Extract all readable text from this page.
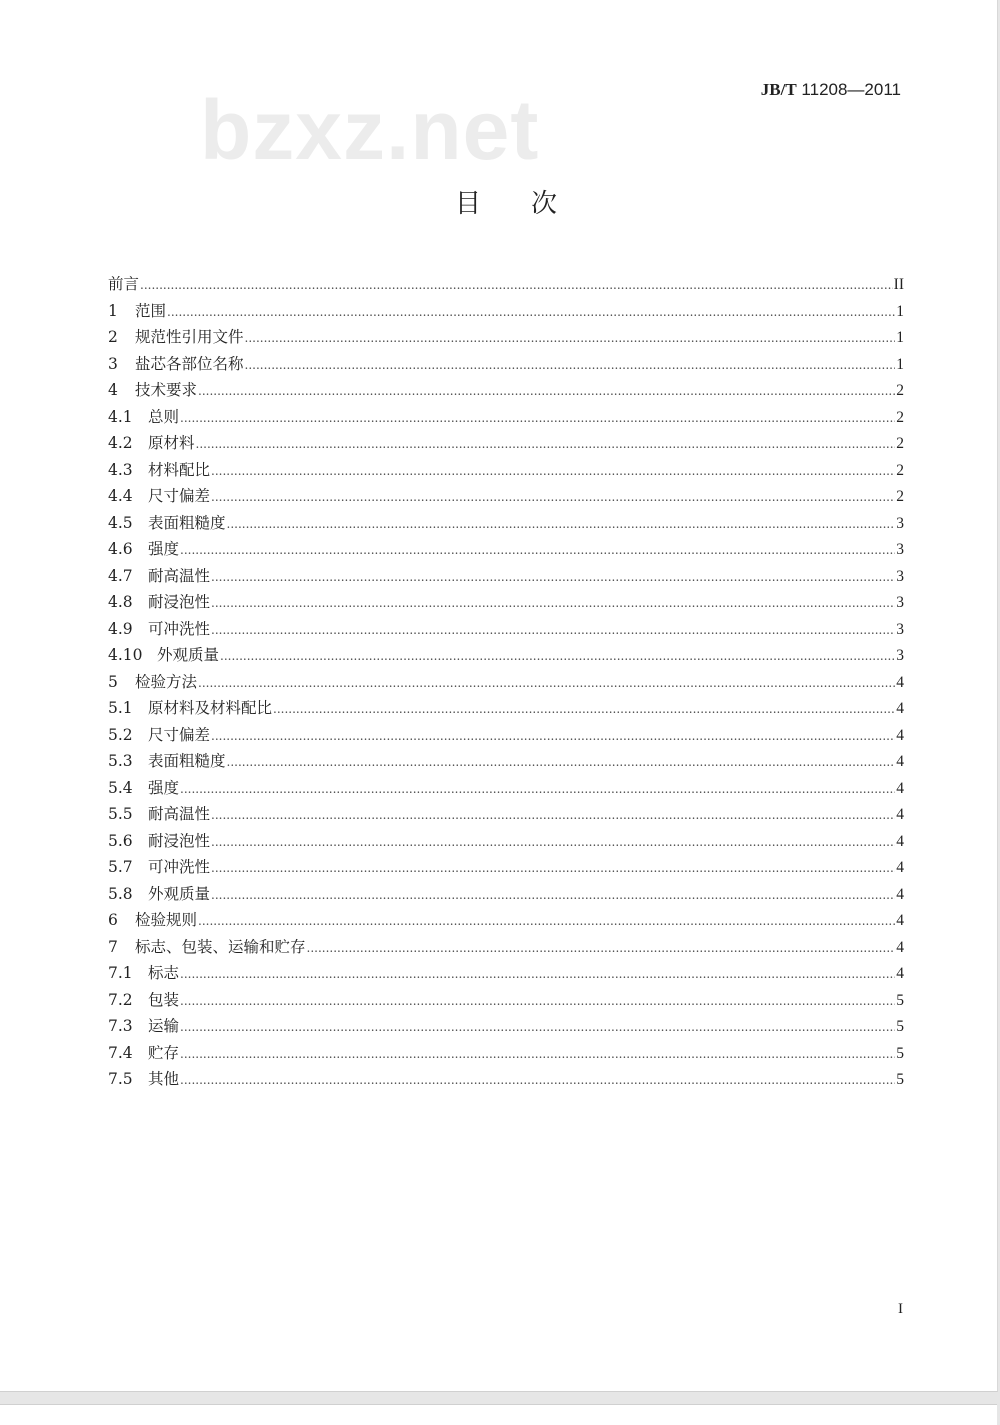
JB/T 11208—2011
bzxz.net
目次
前言 .....	II
1	范围 .....	1
2	规范性引用文件 .....	1
3	盐芯各部位名称 .....	1
4	技术要求 .....	2
4.1 总则 .....	2
4.2 原材料 .....	2
4.3 材料配比 .....	2
4.4 尺寸偏差 .....	2
4.5 表面粗糙度 .....	3
4.6 强度 .....	3
4.7 耐高温性 .....	3
4.8 耐浸泡性 .....	3
4.9 可冲洗性 .....	3
4.10 外观质量 .....	3
5	检验方法 .....	4
5.1 原材料及材料配比 .....	4
5.2 尺寸偏差 .....	4
5.3 表面粗糙度 .....	4
5.4 强度 .....	4
5.5 耐高温性 .....	4
5.6 耐浸泡性 .....	4
5.7 可冲洗性 .....	4
5.8 外观质量 .....	4
6	检验规则 .....	4
7	标志、包装、运输和贮存 .....	4
7.1 标志 .....	4
7.2 包装 .....	5
7.3 运输 .....	5
7.4 贮存 .....	5
7.5 其他 .....	5
I
